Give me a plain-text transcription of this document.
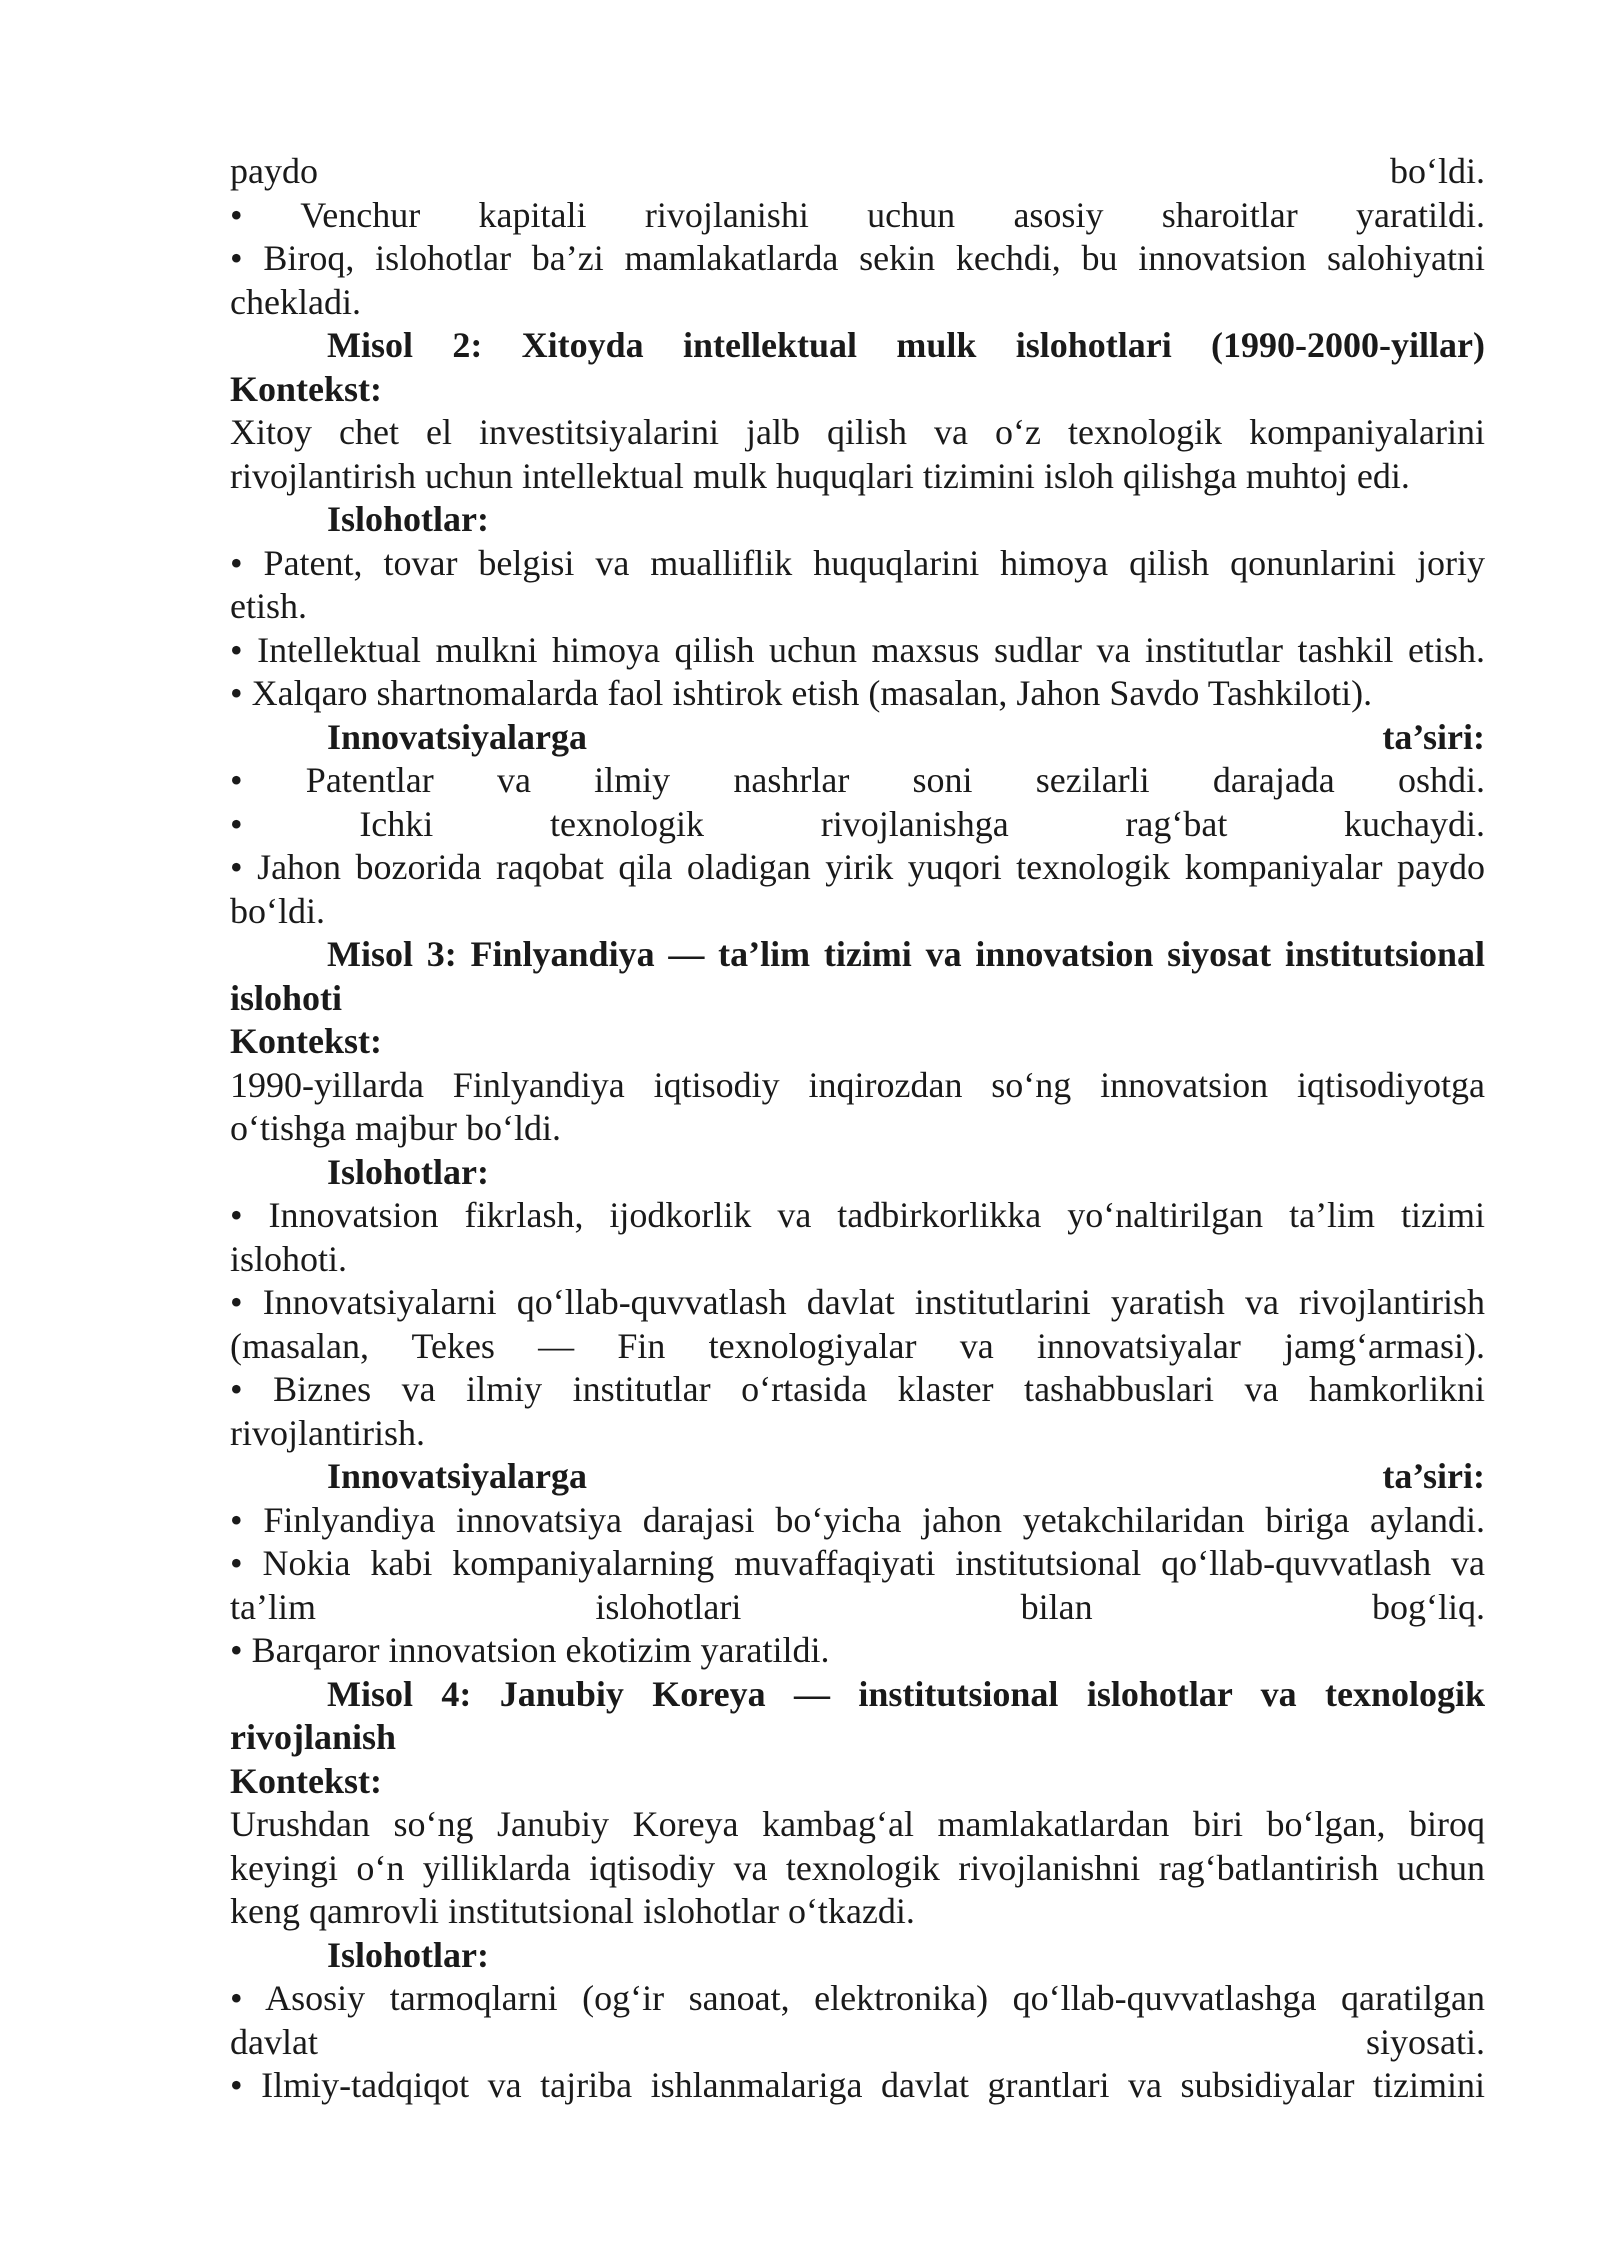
paydo bo‘ldi.
• Venchur kapitali rivojlanishi uchun asosiy sharoitlar yaratildi.
• Biroq, islohotlar ba’zi mamlakatlarda sekin kechdi, bu innovatsion salohiyatni
chekladi.
Misol 2: Xitoyda intellektual mulk islohotlari (1990-2000-yillar)
Kontekst:
Xitoy chet el investitsiyalarini jalb qilish va o‘z texnologik kompaniyalarini
rivojlantirish uchun intellektual mulk huquqlari tizimini isloh qilishga muhtoj edi.
Islohotlar:
• Patent, tovar belgisi va mualliflik huquqlarini himoya qilish qonunlarini joriy
etish.
• Intellektual mulkni himoya qilish uchun maxsus sudlar va institutlar tashkil etish.
• Xalqaro shartnomalarda faol ishtirok etish (masalan, Jahon Savdo Tashkiloti).
Innovatsiyalarga ta’siri:
• Patentlar va ilmiy nashrlar soni sezilarli darajada oshdi.
• Ichki texnologik rivojlanishga rag‘bat kuchaydi.
• Jahon bozorida raqobat qila oladigan yirik yuqori texnologik kompaniyalar paydo
bo‘ldi.
Misol 3: Finlyandiya — ta’lim tizimi va innovatsion siyosat institutsional
islohoti
Kontekst:
1990-yillarda Finlyandiya iqtisodiy inqirozdan so‘ng innovatsion iqtisodiyotga
o‘tishga majbur bo‘ldi.
Islohotlar:
• Innovatsion fikrlash, ijodkorlik va tadbirkorlikka yo‘naltirilgan ta’lim tizimi
islohoti.
• Innovatsiyalarni qo‘llab-quvvatlash davlat institutlarini yaratish va rivojlantirish
(masalan, Tekes — Fin texnologiyalar va innovatsiyalar jamg‘armasi).
• Biznes va ilmiy institutlar o‘rtasida klaster tashabbuslari va hamkorlikni
rivojlantirish.
Innovatsiyalarga ta’siri:
• Finlyandiya innovatsiya darajasi bo‘yicha jahon yetakchilaridan biriga aylandi.
• Nokia kabi kompaniyalarning muvaffaqiyati institutsional qo‘llab-quvvatlash va
ta’lim islohotlari bilan bog‘liq.
• Barqaror innovatsion ekotizim yaratildi.
Misol 4: Janubiy Koreya — institutsional islohotlar va texnologik
rivojlanish
Kontekst:
Urushdan so‘ng Janubiy Koreya kambag‘al mamlakatlardan biri bo‘lgan, biroq
keyingi o‘n yilliklarda iqtisodiy va texnologik rivojlanishni rag‘batlantirish uchun
keng qamrovli institutsional islohotlar o‘tkazdi.
Islohotlar:
• Asosiy tarmoqlarni (og‘ir sanoat, elektronika) qo‘llab-quvvatlashga qaratilgan
davlat siyosati.
• Ilmiy-tadqiqot va tajriba ishlanmalariga davlat grantlari va subsidiyalar tizimini
